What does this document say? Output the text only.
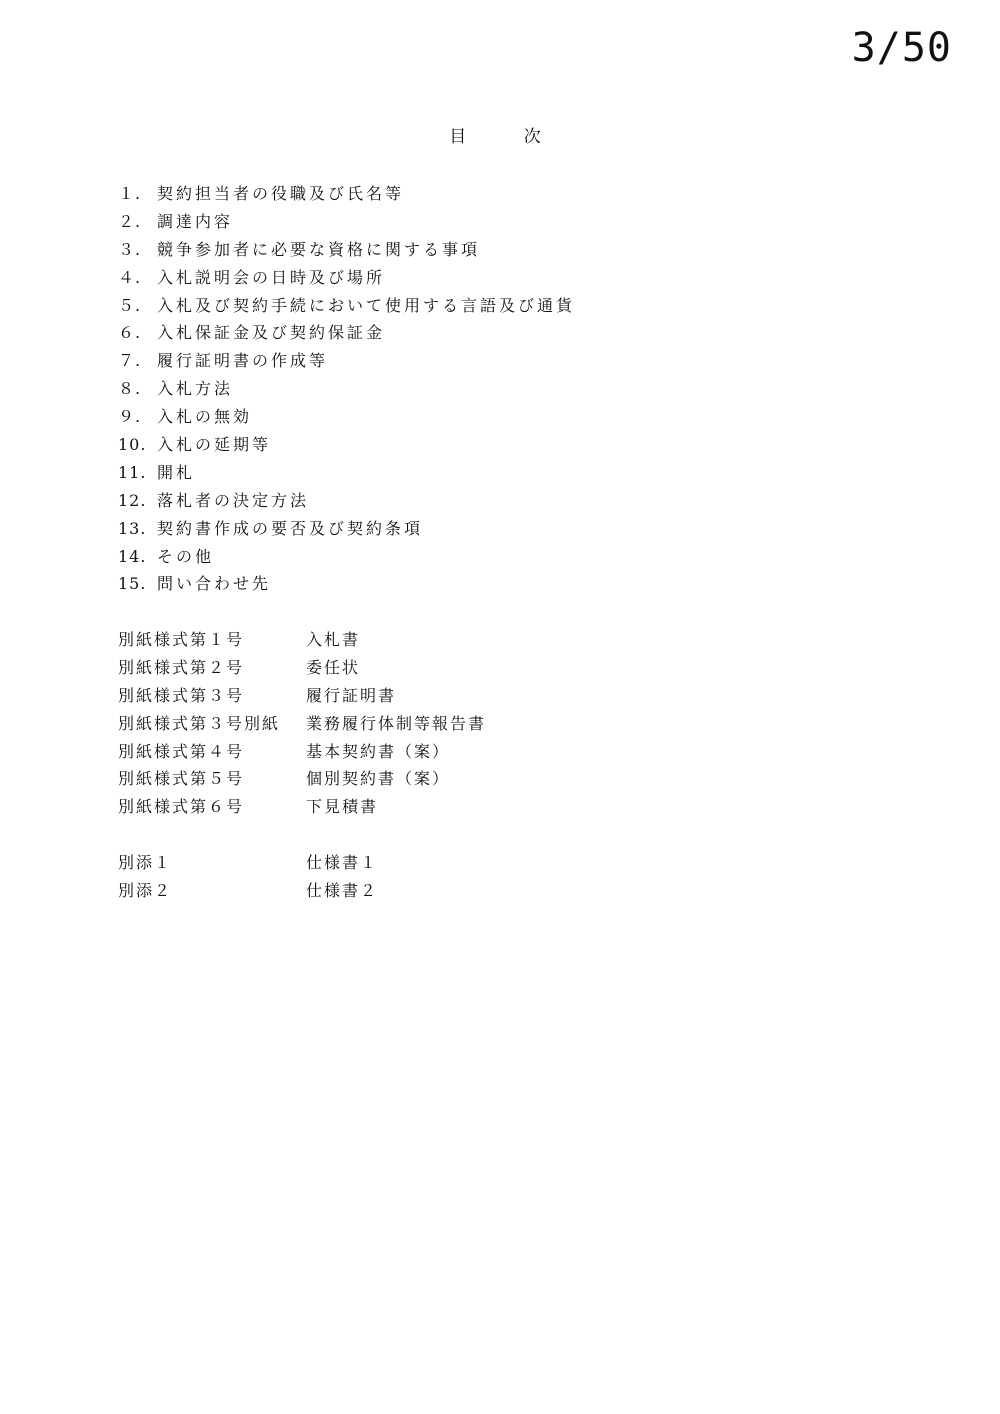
3/50
目 次
１. 契約担当者の役職及び氏名等
２. 調達内容
３. 競争参加者に必要な資格に関する事項
４. 入札説明会の日時及び場所
５. 入札及び契約手続において使用する言語及び通貨
６. 入札保証金及び契約保証金
７. 履行証明書の作成等
８. 入札方法
９. 入札の無効
10. 入札の延期等
11. 開札
12. 落札者の決定方法
13. 契約書作成の要否及び契約条項
14. その他
15. 問い合わせ先
別紙様式第１号	入札書
別紙様式第２号	委任状
別紙様式第３号	履行証明書
別紙様式第３号別紙	業務履行体制等報告書
別紙様式第４号	基本契約書（案）
別紙様式第５号	個別契約書（案）
別紙様式第６号	下見積書
別添１	仕様書１
別添２	仕様書２
